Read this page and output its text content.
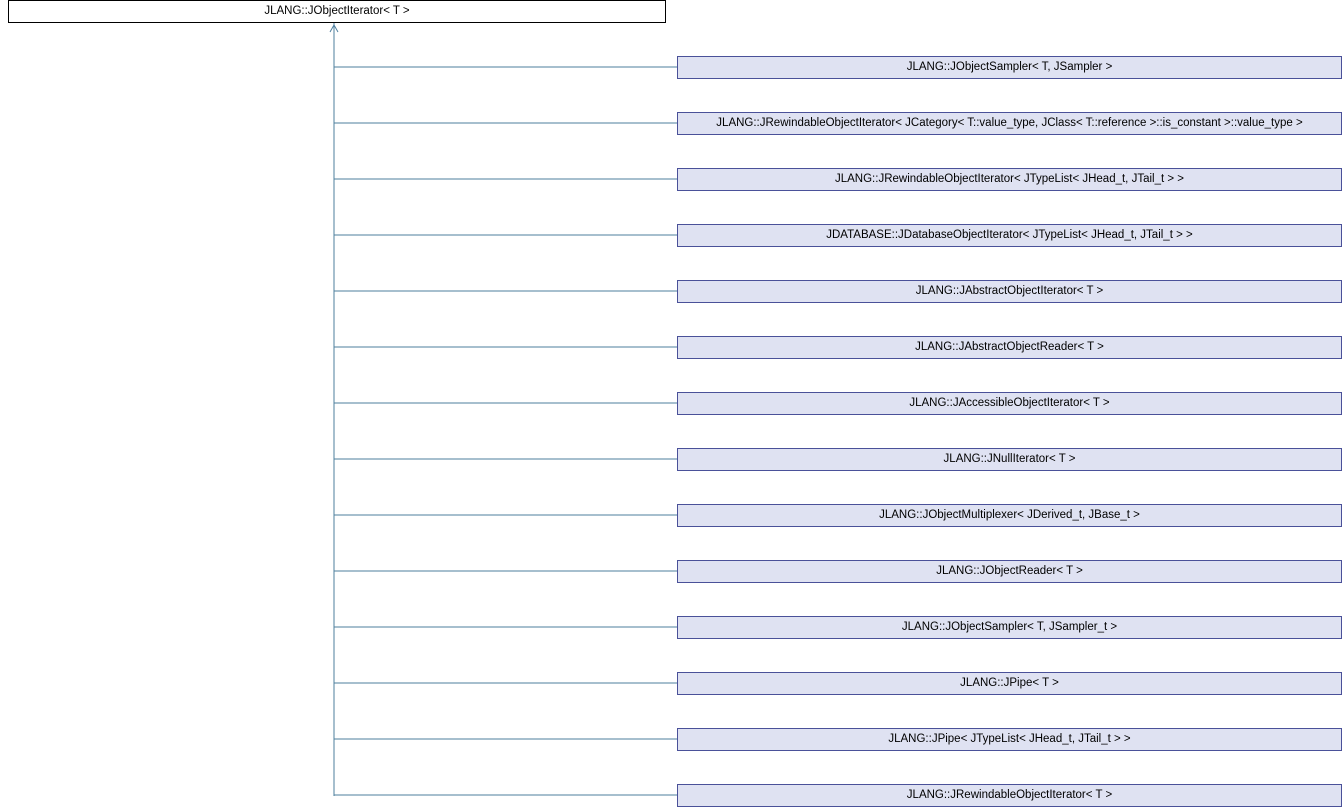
JLANG::JObjectIterator< T >
JLANG::JObjectSampler< T, JSampler >
JLANG::JRewindableObjectIterator< JCategory< T::value_type, JClass< T::reference >::is_constant >::value_type >
JLANG::JRewindableObjectIterator< JTypeList< JHead_t, JTail_t > >
JDATABASE::JDatabaseObjectIterator< JTypeList< JHead_t, JTail_t > >
JLANG::JAbstractObjectIterator< T >
JLANG::JAbstractObjectReader< T >
JLANG::JAccessibleObjectIterator< T >
JLANG::JNullIterator< T >
JLANG::JObjectMultiplexer< JDerived_t, JBase_t >
JLANG::JObjectReader< T >
JLANG::JObjectSampler< T, JSampler_t >
JLANG::JPipe< T >
JLANG::JPipe< JTypeList< JHead_t, JTail_t > >
JLANG::JRewindableObjectIterator< T >
